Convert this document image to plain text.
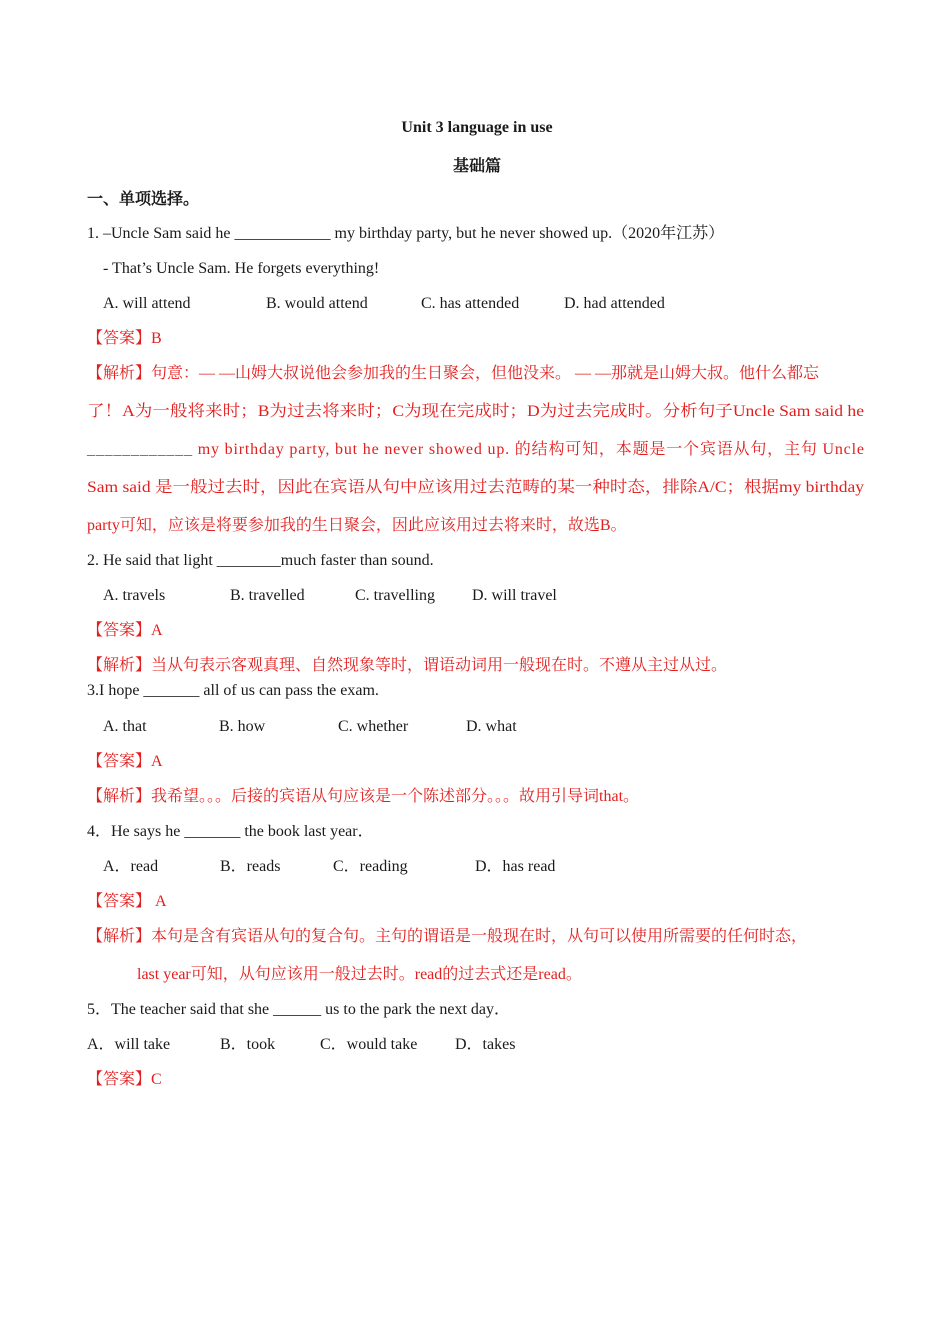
Unit 3 language in use
基础篇
一、单项选择。
1. –Uncle Sam said he ____________ my birthday party, but he never showed up.（2020年江苏）
- That’s Uncle Sam. He forgets everything!
A. will attend	B. would attend	C. has attended	D. had attended
【答案】B
【解析】句意：— —山姆大叔说他会参加我的生日聚会，但他没来。 — —那就是山姆大叔。他什么都忘
了！A为一般将来时；B为过去将来时；C为现在完成时；D为过去完成时。分析句子Uncle Sam said he
____________ my birthday party, but he never showed up. 的结构可知，本题是一个宾语从句，主句 Uncle
Sam said 是一般过去时，因此在宾语从句中应该用过去范畴的某一种时态，排除A/C；根据my birthday
party可知，应该是将要参加我的生日聚会，因此应该用过去将来时，故选B。
2. He said that light ________much faster than sound.
A. travels	B. travelled	C. travelling D. will travel
【答案】A
【解析】当从句表示客观真理、自然现象等时，谓语动词用一般现在时。不遵从主过从过。
3.I hope _______ all of us can pass the exam.
A. that	B. how	C. whether	D. what
【答案】A
【解析】我希望。。。后接的宾语从句应该是一个陈述部分。。。故用引导词that。
4．He says he _______ the book last year．
A．read	B．reads	C．reading	D．has read
【答案】 A
【解析】本句是含有宾语从句的复合句。主句的谓语是一般现在时，从句可以使用所需要的任何时态，
last year可知，从句应该用一般过去时。read的过去式还是read。
5．The teacher said that she ______ us to the park the next day．
A．will take	B．took	C．would take D．takes
【答案】C
